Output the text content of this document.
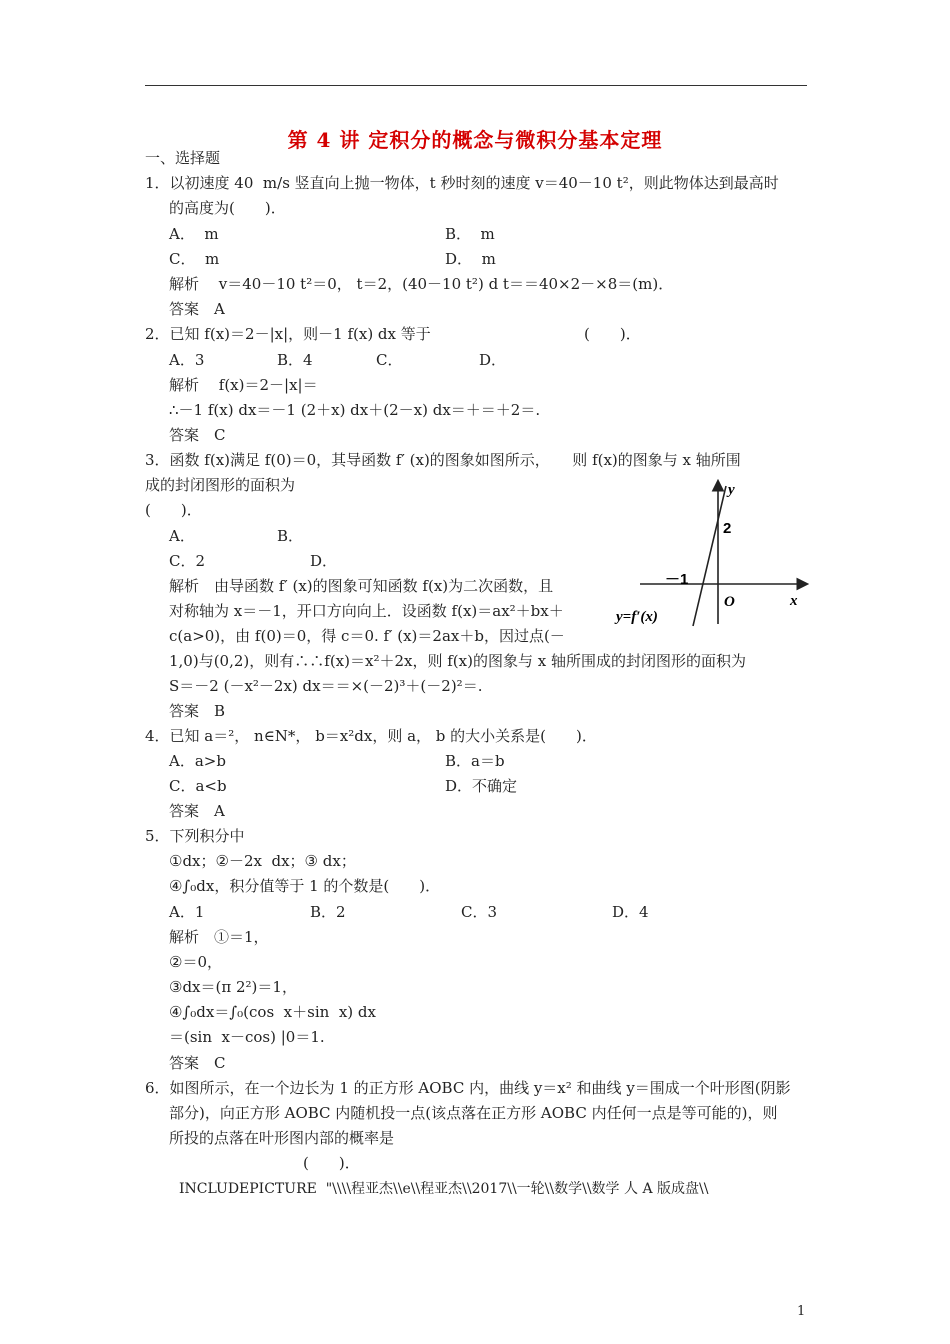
第 4 讲 定积分的概念与微积分基本定理
一、选择题
1．以初速度 40  m/s 竖直向上抛一物体，t 秒时刻的速度 v＝40－10 t²，则此物体达到最高时
的高度为(　　)．
A．  m	B．  m
C．  m	D．  m
解析　 v＝40－10 t²＝0， t＝2，(40－10 t²) d t＝＝40×2－×8＝(m)．
答案　A
2．已知 f(x)＝2－|x|，则－1 f(x) dx 等于	(　　)．
A．3	B．4	C．	D．
解析　 f(x)＝2－|x|＝
∴－1 f(x) dx＝－1 (2＋x) dx＋(2－x) dx＝＋＝＋2＝.
答案　C
3．函数 f(x)满足 f(0)＝0，其导函数 f′ (x)的图象如图所示，　　则 f(x)的图象与 x 轴所围
成的封闭图形的面积为
(　　)．
A．	B．
C．2	D．
解析　由导函数 f′ (x)的图象可知函数 f(x)为二次函数，且
对称轴为 x＝－1，开口方向向上．设函数 f(x)＝ax²＋bx＋
c(a>0)，由 f(0)＝0，得 c＝0. f′ (x)＝2ax＋b，因过点(－
1,0)与(0,2)，则有∴∴f(x)＝x²＋2x，则 f(x)的图象与 x 轴所围成的封闭图形的面积为
S＝－2 (－x²－2x) dx＝＝×(－2)³＋(－2)²＝.
答案　B
y
x
O
2
－1
y=f′(x)
4．已知 a＝²， n∈N*， b＝x²dx，则 a， b 的大小关系是(　　)．
A．a>b	B．a＝b
C．a<b	D．不确定
答案　A
5．下列积分中
①dx；②－2x  dx；③ dx；
④∫₀dx，积分值等于 1 的个数是(　　)．
A．1	B．2	C．3	D．4
解析　①＝1，
②＝0，
③dx＝(π 2²)＝1，
④∫₀dx＝∫₀(cos  x＋sin  x) dx
＝(sin  x－cos) |0＝1.
答案　C
6．如图所示，在一个边长为 1 的正方形 AOBC 内，曲线 y＝x² 和曲线 y＝围成一个叶形图(阴影
部分)，向正方形 AOBC 内随机投一点(该点落在正方形 AOBC 内任何一点是等可能的)，则
所投的点落在叶形图内部的概率是
(　　)．
INCLUDEPICTURE  "\\\\程亚杰\\e\\程亚杰\\2017\\一轮\\数学\\数学 人 A 版成盘\\
1
